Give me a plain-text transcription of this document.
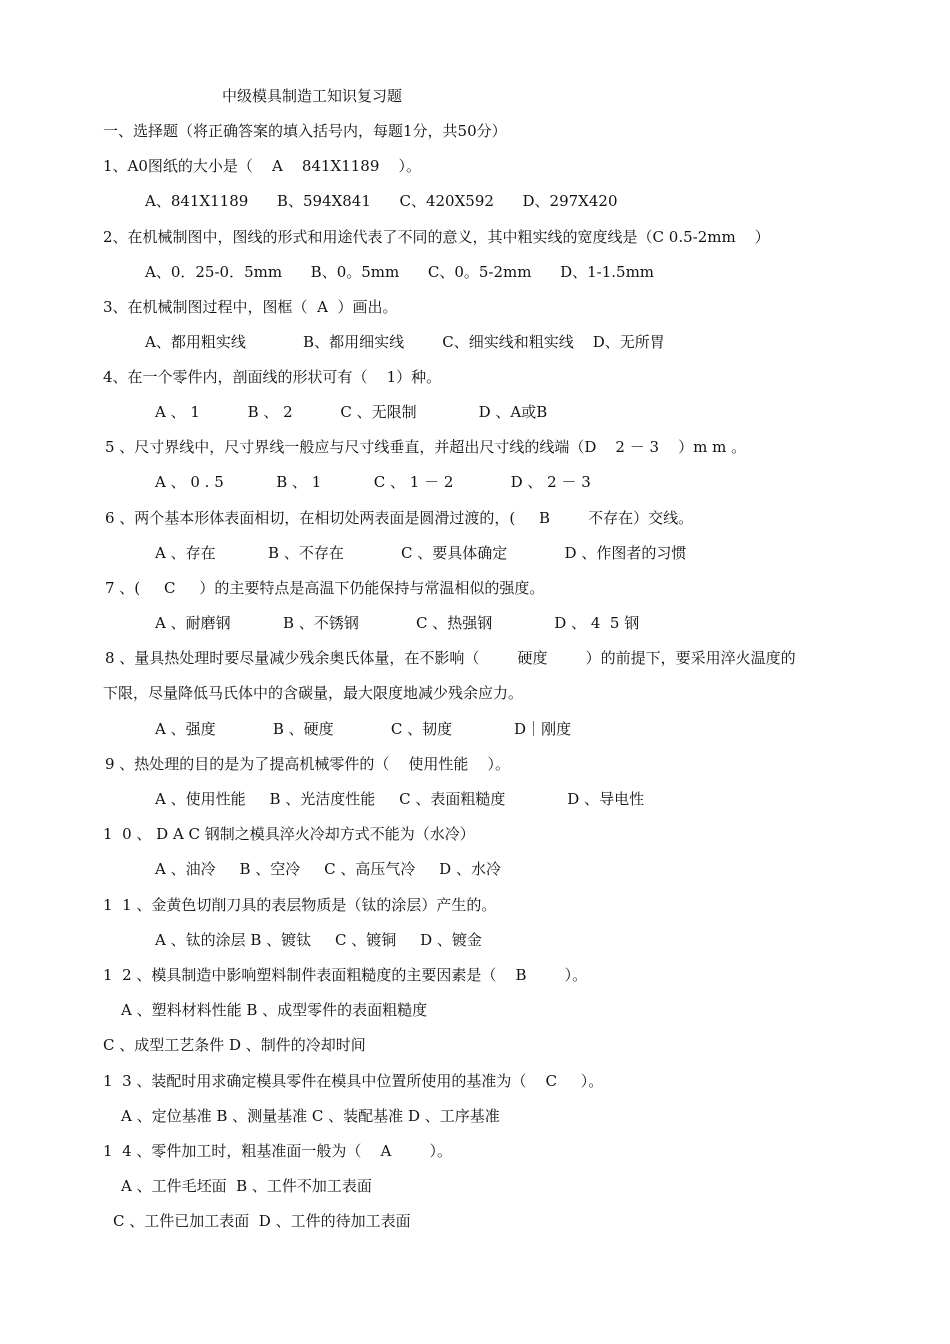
中级模具制造工知识复习题
一、选择题（将正确答案的填入括号内，每题1分，共50分）
1、A0图纸的大小是（    A    841X1189    ）。
A、841X1189      B、594X841      C、420X592      D、297X420
2、在机械制图中，图线的形式和用途代表了不同的意义，其中粗实线的宽度线是（C 0.5-2mm    ）
A、0．25-0．5mm      B、0。5mm      C、0。5-2mm      D、1-1.5mm
3、在机械制图过程中，图框（  A  ）画出。
A、都用粗实线            B、都用细实线        C、细实线和粗实线    D、无所胃
4、在一个零件内，剖面线的形状可有（    1）种。
A 、 1          B 、 2          C 、无限制             D 、A或B
5 、尺寸界线中，尺寸界线一般应与尺寸线垂直，并超出尺寸线的线端（D    2 － 3    ）m m 。
A 、 0 . 5           B 、 1           C 、 1 － 2            D 、 2 － 3
6 、两个基本形体表面相切，在相切处两表面是圆滑过渡的，(     B        不存在）交线。
A 、存在           B 、不存在            C 、要具体确定            D 、作图者的习惯
7 、(     C     ）的主要特点是高温下仍能保持与常温相似的强度。
A 、耐磨钢           B 、不锈钢            C 、热强钢             D 、 4  5 钢
8 、量具热处理时要尽量减少残余奥氏体量，在不影响（        硬度        ）的前提下，要采用淬火温度的
下限，尽量降低马氏体中的含碳量，最大限度地减少残余应力。
A 、强度            B 、硬度            C 、韧度             D｜刚度
9 、热处理的目的是为了提高机械零件的（    使用性能    ）。
A 、使用性能     B 、光洁度性能     C 、表面粗糙度             D 、导电性
1  0 、 D A C 钢制之模具淬火冷却方式不能为（水冷）
A 、油冷     B 、空冷     C 、高压气冷     D 、水冷
1  1 、金黄色切削刀具的表层物质是（钛的涂层）产生的。
A 、钛的涂层 B 、镀钛     C 、镀铜     D 、镀金
1  2 、模具制造中影响塑料制件表面粗糙度的主要因素是（    B        ）。
A 、塑料材料性能 B 、成型零件的表面粗糙度
C 、成型工艺条件 D 、制件的冷却时间
1  3 、装配时用求确定模具零件在模具中位置所使用的基准为（    C     ）。
A 、定位基准 B 、测量基准 C 、装配基准 D 、工序基准
1  4 、零件加工时，粗基准面一般为（    A        ）。
A 、工件毛坯面  B 、工件不加工表面
C 、工件已加工表面  D 、工件的待加工表面
